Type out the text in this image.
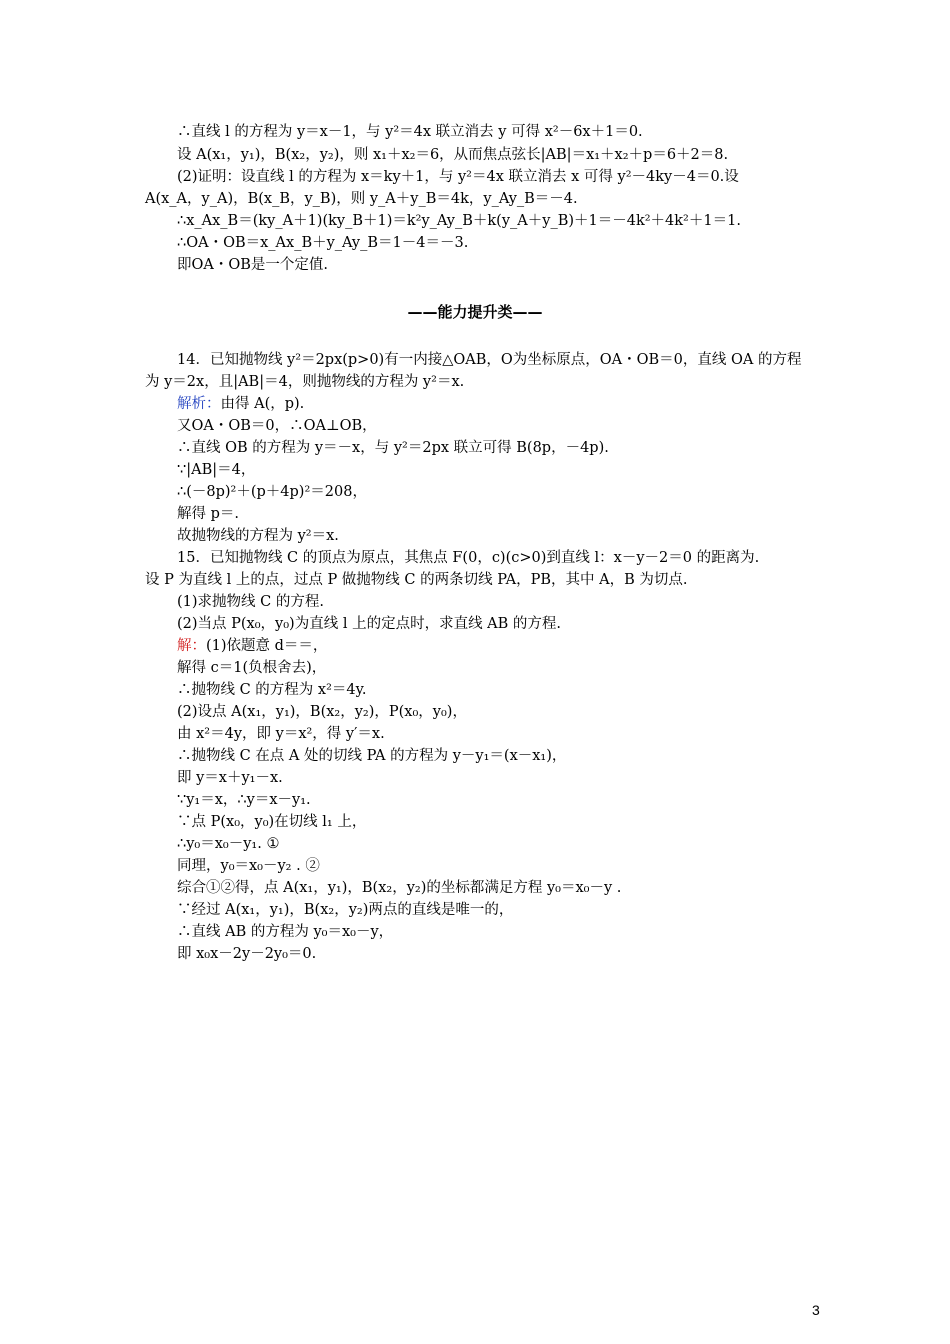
∴直线 l 的方程为 y＝x－1，与 y²＝4x 联立消去 y 可得 x²－6x＋1＝0.
设 A(x₁，y₁)，B(x₂，y₂)，则 x₁＋x₂＝6，从而焦点弦长|AB|＝x₁＋x₂＋p＝6＋2＝8.
(2)证明：设直线 l 的方程为 x＝ky＋1，与 y²＝4x 联立消去 x 可得 y²－4ky－4＝0.设
A(x_A，y_A)，B(x_B，y_B)，则 y_A＋y_B＝4k，y_Ay_B＝－4.
∴x_Ax_B＝(ky_A＋1)(ky_B＋1)＝k²y_Ay_B＋k(y_A＋y_B)＋1＝－4k²＋4k²＋1＝1.
∴OA・OB＝x_Ax_B＋y_Ay_B＝1－4＝－3.
即OA・OB是一个定值.
——能力提升类——
14．已知抛物线 y²＝2px(p>0)有一内接△OAB，O为坐标原点，OA・OB＝0，直线 OA 的方程
为 y＝2x，且|AB|＝4，则抛物线的方程为 y²＝x.
解析：由得 A(，p).
又OA・OB＝0，∴OA⊥OB，
∴直线 OB 的方程为 y＝－x，与 y²＝2px 联立可得 B(8p，－4p).
∵|AB|＝4，
∴(－8p)²＋(p＋4p)²＝208，
解得 p＝.
故抛物线的方程为 y²＝x.
15．已知抛物线 C 的顶点为原点，其焦点 F(0，c)(c>0)到直线 l：x－y－2＝0 的距离为.
设 P 为直线 l 上的点，过点 P 做抛物线 C 的两条切线 PA，PB，其中 A，B 为切点.
(1)求抛物线 C 的方程.
(2)当点 P(x₀，y₀)为直线 l 上的定点时，求直线 AB 的方程.
解：(1)依题意 d＝＝，
解得 c＝1(负根舍去)，
∴抛物线 C 的方程为 x²＝4y.
(2)设点 A(x₁，y₁)，B(x₂，y₂)，P(x₀，y₀)，
由 x²＝4y，即 y＝x²，得 y′＝x.
∴抛物线 C 在点 A 处的切线 PA 的方程为 y－y₁＝(x－x₁)，
即 y＝x＋y₁－x.
∵y₁＝x，∴y＝x－y₁.
∵点 P(x₀，y₀)在切线 l₁ 上，
∴y₀＝x₀－y₁. ①
同理，y₀＝x₀－y₂ . ②
综合①②得，点 A(x₁，y₁)，B(x₂，y₂)的坐标都满足方程 y₀＝x₀－y .
∵经过 A(x₁，y₁)，B(x₂，y₂)两点的直线是唯一的，
∴直线 AB 的方程为 y₀＝x₀－y，
即 x₀x－2y－2y₀＝0.
3
